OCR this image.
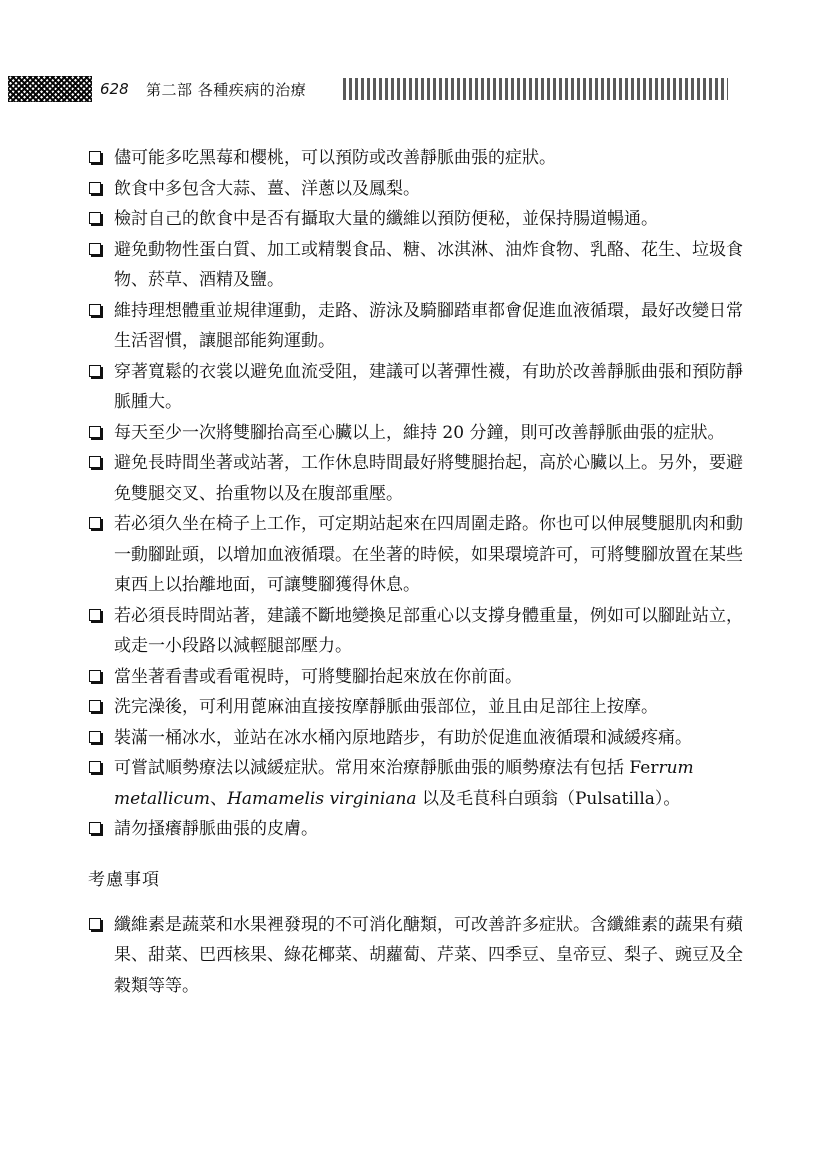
628 第二部 各種疾病的治療
儘可能多吃黑莓和櫻桃，可以預防或改善靜脈曲張的症狀。
飲食中多包含大蒜、薑、洋蔥以及鳳梨。
檢討自己的飲食中是否有攝取大量的纖維以預防便秘，並保持腸道暢通。
避免動物性蛋白質、加工或精製食品、糖、冰淇淋、油炸食物、乳酪、花生、垃圾食物、菸草、酒精及鹽。
維持理想體重並規律運動，走路、游泳及騎腳踏車都會促進血液循環，最好改變日常生活習慣，讓腿部能夠運動。
穿著寬鬆的衣裳以避免血流受阻，建議可以著彈性襪，有助於改善靜脈曲張和預防靜脈腫大。
每天至少一次將雙腳抬高至心臟以上，維持 20 分鐘，則可改善靜脈曲張的症狀。
避免長時間坐著或站著，工作休息時間最好將雙腿抬起，高於心臟以上。另外，要避免雙腿交叉、抬重物以及在腹部重壓。
若必須久坐在椅子上工作，可定期站起來在四周圍走路。你也可以伸展雙腿肌肉和動一動腳趾頭，以增加血液循環。在坐著的時候，如果環境許可，可將雙腳放置在某些東西上以抬離地面，可讓雙腳獲得休息。
若必須長時間站著，建議不斷地變換足部重心以支撐身體重量，例如可以腳趾站立，或走一小段路以減輕腿部壓力。
當坐著看書或看電視時，可將雙腳抬起來放在你前面。
洗完澡後，可利用蓖麻油直接按摩靜脈曲張部位，並且由足部往上按摩。
裝滿一桶冰水，並站在冰水桶內原地踏步，有助於促進血液循環和減緩疼痛。
可嘗試順勢療法以減緩症狀。常用來治療靜脈曲張的順勢療法有包括 Ferrum metallicum、Hamamelis virginiana 以及毛茛科白頭翁（Pulsatilla）。
請勿搔癢靜脈曲張的皮膚。
考慮事項
纖維素是蔬菜和水果裡發現的不可消化醣類，可改善許多症狀。含纖維素的蔬果有蘋果、甜菜、巴西核果、綠花椰菜、胡蘿蔔、芹菜、四季豆、皇帝豆、梨子、豌豆及全穀類等等。
